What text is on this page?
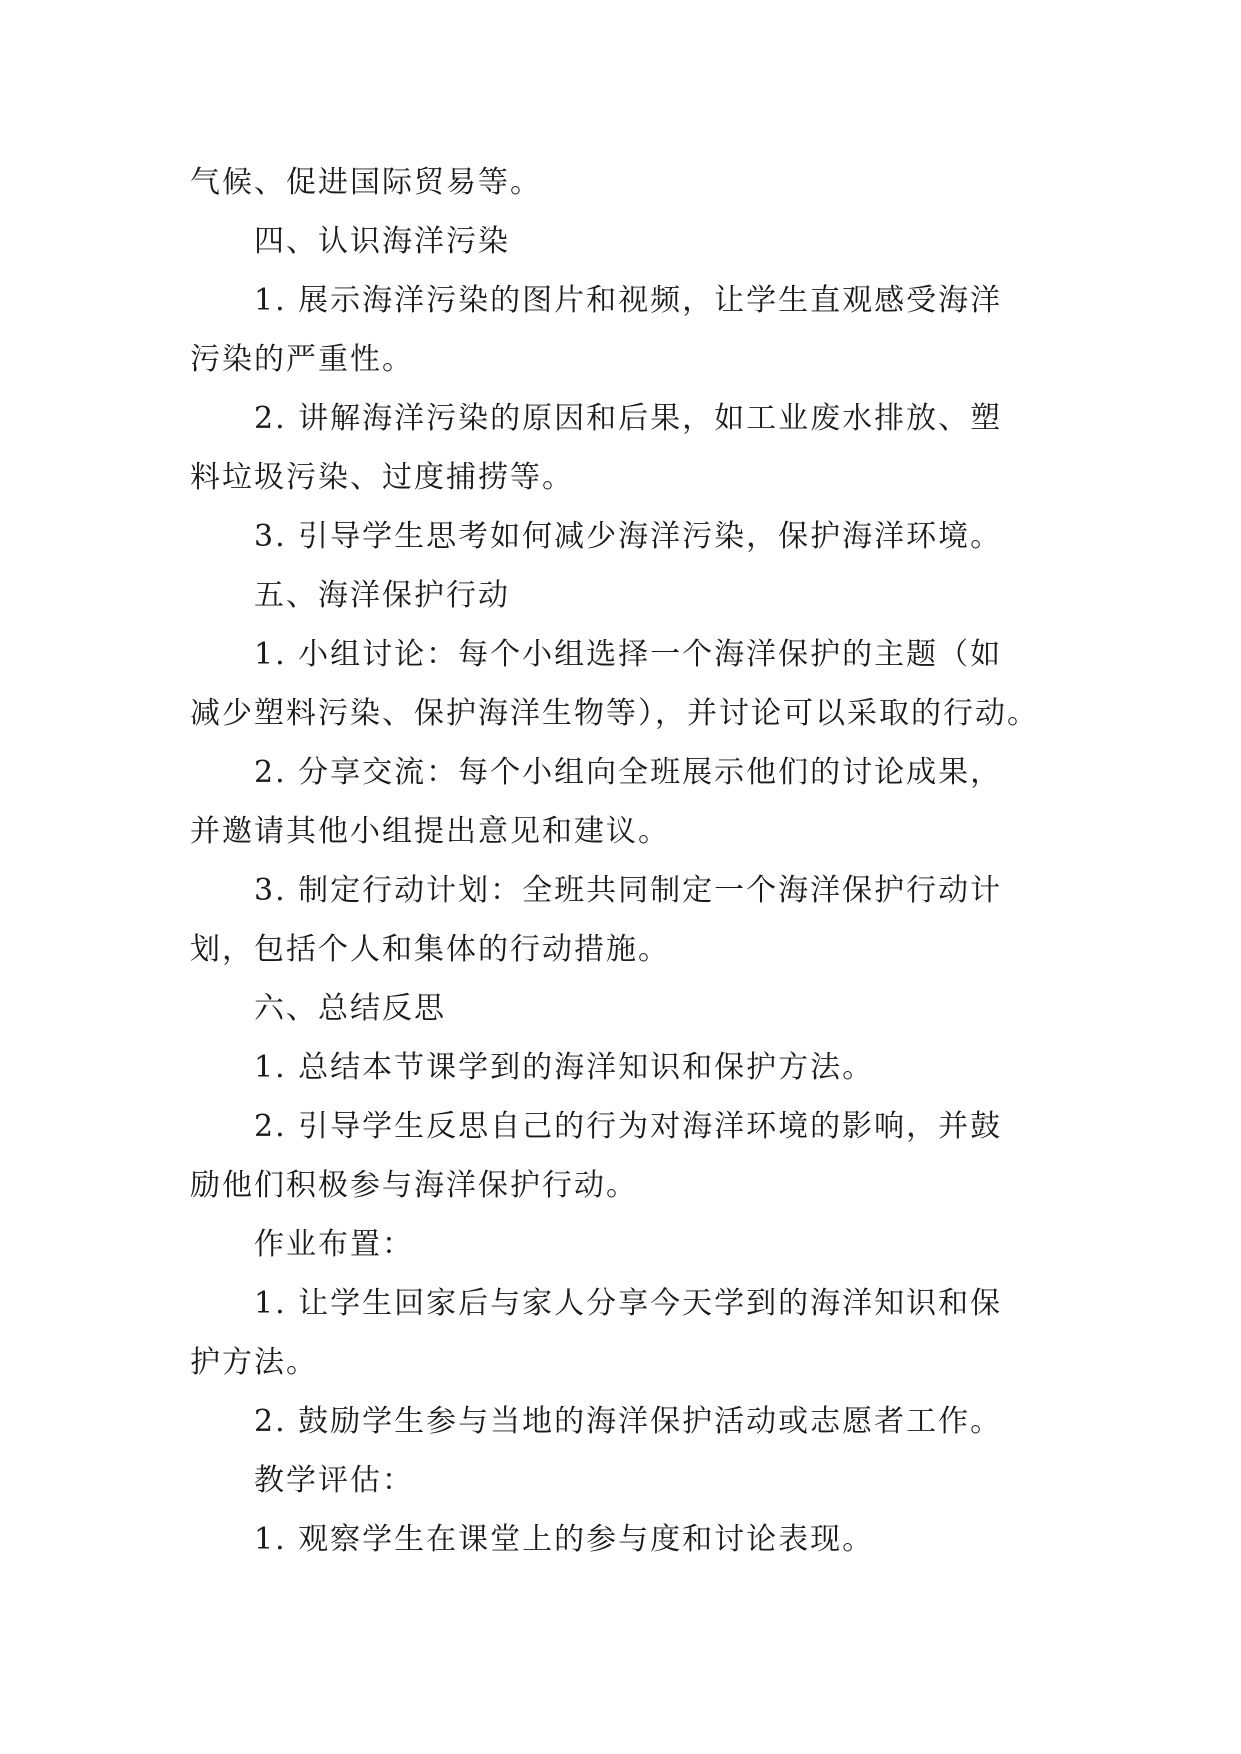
气候、促进国际贸易等。
四、认识海洋污染
1. 展示海洋污染的图片和视频，让学生直观感受海洋
污染的严重性。
2. 讲解海洋污染的原因和后果，如工业废水排放、塑
料垃圾污染、过度捕捞等。
3. 引导学生思考如何减少海洋污染，保护海洋环境。
五、海洋保护行动
1. 小组讨论：每个小组选择一个海洋保护的主题（如
减少塑料污染、保护海洋生物等），并讨论可以采取的行动。
2. 分享交流：每个小组向全班展示他们的讨论成果，
并邀请其他小组提出意见和建议。
3. 制定行动计划：全班共同制定一个海洋保护行动计
划，包括个人和集体的行动措施。
六、总结反思
1. 总结本节课学到的海洋知识和保护方法。
2. 引导学生反思自己的行为对海洋环境的影响，并鼓
励他们积极参与海洋保护行动。
作业布置：
1. 让学生回家后与家人分享今天学到的海洋知识和保
护方法。
2. 鼓励学生参与当地的海洋保护活动或志愿者工作。
教学评估：
1. 观察学生在课堂上的参与度和讨论表现。
